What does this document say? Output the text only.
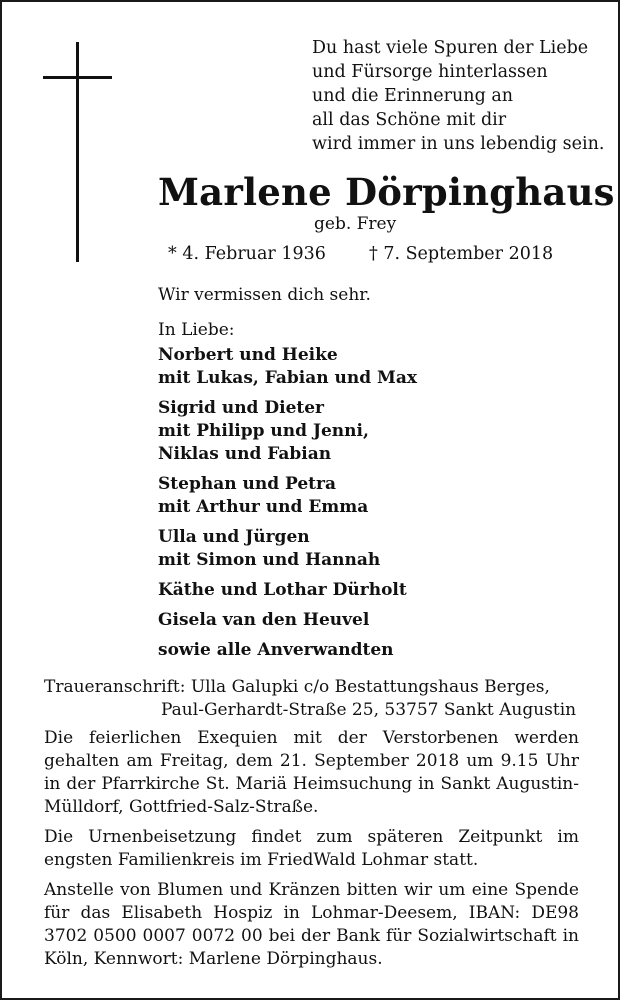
Du hast viele Spuren der Liebe
und Fürsorge hinterlassen
und die Erinnerung an
all das Schöne mit dir
wird immer in uns lebendig sein.
Marlene Dörpinghaus
geb. Frey
* 4. Februar 1936 † 7. September 2018
Wir vermissen dich sehr.
In Liebe:
Norbert und Heike
mit Lukas, Fabian und Max
Sigrid und Dieter
mit Philipp und Jenni,
Niklas und Fabian
Stephan und Petra
mit Arthur und Emma
Ulla und Jürgen
mit Simon und Hannah
Käthe und Lothar Dürholt
Gisela van den Heuvel
sowie alle Anverwandten
Traueranschrift: Ulla Galupki c/o Bestattungshaus Berges,
Paul-Gerhardt-Straße 25, 53757 Sankt Augustin
Die feierlichen Exequien mit der Verstorbenen werden gehalten am Freitag, dem 21. September 2018 um 9.15 Uhr in der Pfarrkirche St. Mariä Heimsuchung in Sankt Augustin-Mülldorf, Gottfried-Salz-Straße.
Die Urnenbeisetzung findet zum späteren Zeitpunkt im engsten Familienkreis im FriedWald Lohmar statt.
Anstelle von Blumen und Kränzen bitten wir um eine Spende für das Elisabeth Hospiz in Lohmar-Deesem, IBAN: DE98 3702 0500 0007 0072 00 bei der Bank für Sozialwirtschaft in Köln, Kennwort: Marlene Dörpinghaus.
